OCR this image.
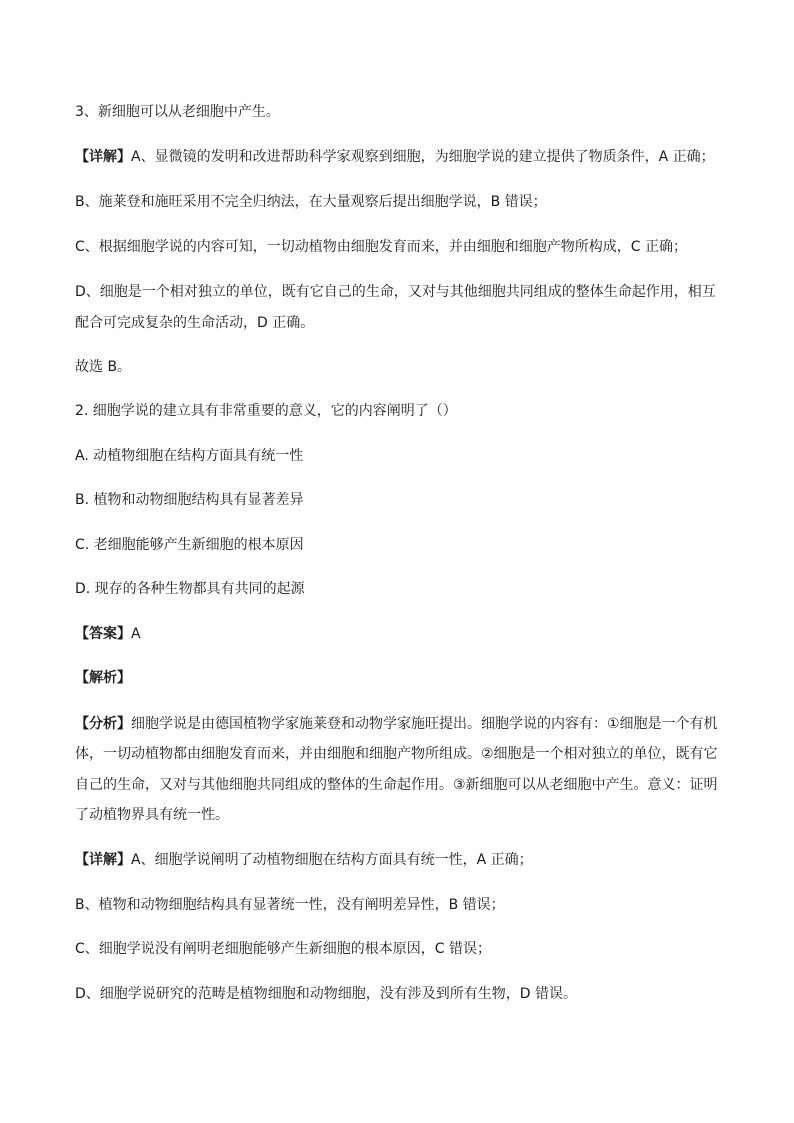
3、新细胞可以从老细胞中产生。
【详解】A、显微镜的发明和改进帮助科学家观察到细胞，为细胞学说的建立提供了物质条件，A 正确；
B、施莱登和施旺采用不完全归纳法，在大量观察后提出细胞学说，B 错误；
C、根据细胞学说的内容可知，一切动植物由细胞发育而来，并由细胞和细胞产物所构成，C 正确；
D、细胞是一个相对独立的单位，既有它自己的生命，又对与其他细胞共同组成的整体生命起作用，相互
配合可完成复杂的生命活动，D 正确。
故选 B。
2. 细胞学说的建立具有非常重要的意义，它的内容阐明了（）
A. 动植物细胞在结构方面具有统一性
B. 植物和动物细胞结构具有显著差异
C. 老细胞能够产生新细胞的根本原因
D. 现存的各种生物都具有共同的起源
【答案】A
【解析】
【分析】细胞学说是由德国植物学家施莱登和动物学家施旺提出。细胞学说的内容有：①细胞是一个有机
体，一切动植物都由细胞发育而来，并由细胞和细胞产物所组成。②细胞是一个相对独立的单位，既有它
自己的生命，又对与其他细胞共同组成的整体的生命起作用。③新细胞可以从老细胞中产生。意义：证明
了动植物界具有统一性。
【详解】A、细胞学说阐明了动植物细胞在结构方面具有统一性，A 正确；
B、植物和动物细胞结构具有显著统一性，没有阐明差异性，B 错误；
C、细胞学说没有阐明老细胞能够产生新细胞的根本原因，C 错误；
D、细胞学说研究的范畴是植物细胞和动物细胞，没有涉及到所有生物，D 错误。
